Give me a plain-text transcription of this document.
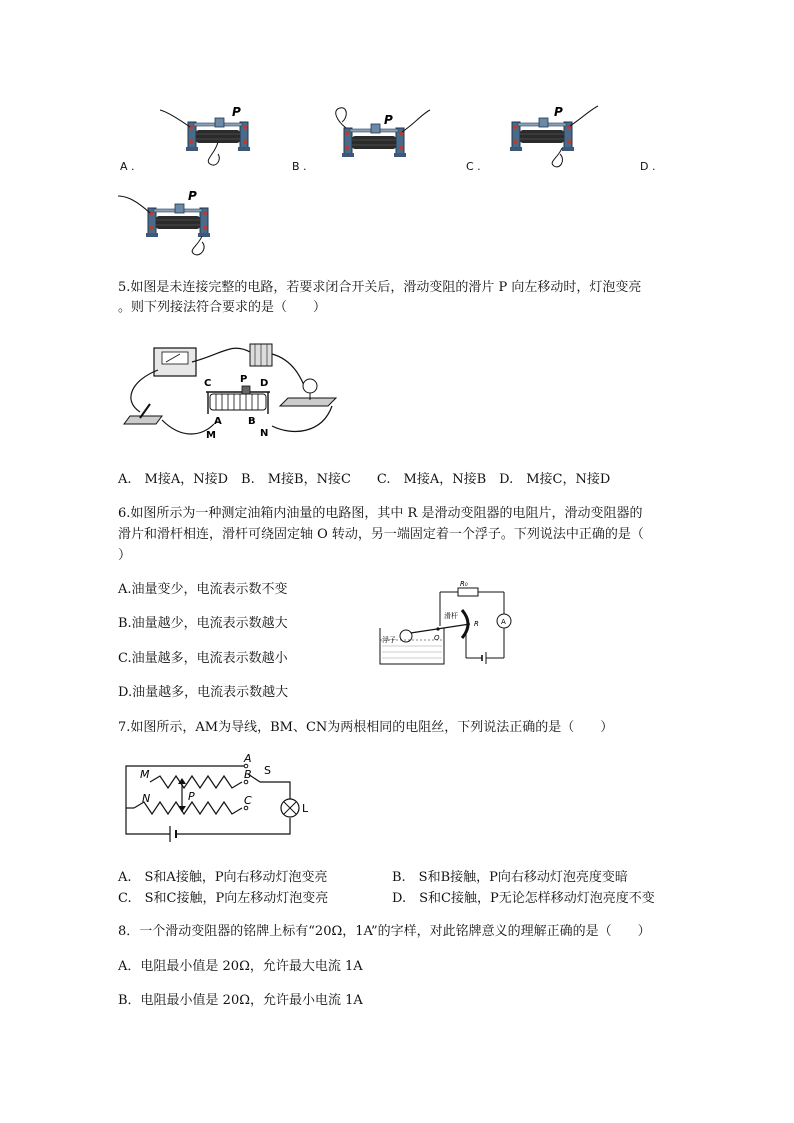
A .	B .	C .	D .
P
P
P
P
5.如图是未连接完整的电路，若要求闭合开关后，滑动变阻的滑片 P 向左移动时，灯泡变亮
。则下列接法符合要求的是（　　）
C	P D
A	B
M	N
A.　M接A，N接D　B.　M接B，N接C　　C.　M接A，N接B　D.　M接C，N接D
6.如图所示为一种测定油箱内油量的电路图，其中 R 是滑动变阻器的电阻片，滑动变阻器的
滑片和滑杆相连，滑杆可绕固定轴 O 转动，另一端固定着一个浮子。下列说法中正确的是（
）
A.油量变少，电流表示数不变
B.油量越少，电流表示数越大
C.油量越多，电流表示数越小
D.油量越多，电流表示数越大
R₀
滑杆
R	A
浮子	O
7.如图所示，AM为导线，BM、CN为两根相同的电阻丝，下列说法正确的是（　　）
A
B S
M
P
N	C
L
A.　S和A接触，P向右移动灯泡变亮	B.　S和B接触，P向右移动灯泡亮度变暗
C.　S和C接触，P向左移动灯泡变亮	D.　S和C接触，P无论怎样移动灯泡亮度不变
8．一个滑动变阻器的铭牌上标有“20Ω，1A”的字样，对此铭牌意义的理解正确的是（　　）
A．电阻最小值是 20Ω，允许最大电流 1A
B．电阻最小值是 20Ω，允许最小电流 1A
